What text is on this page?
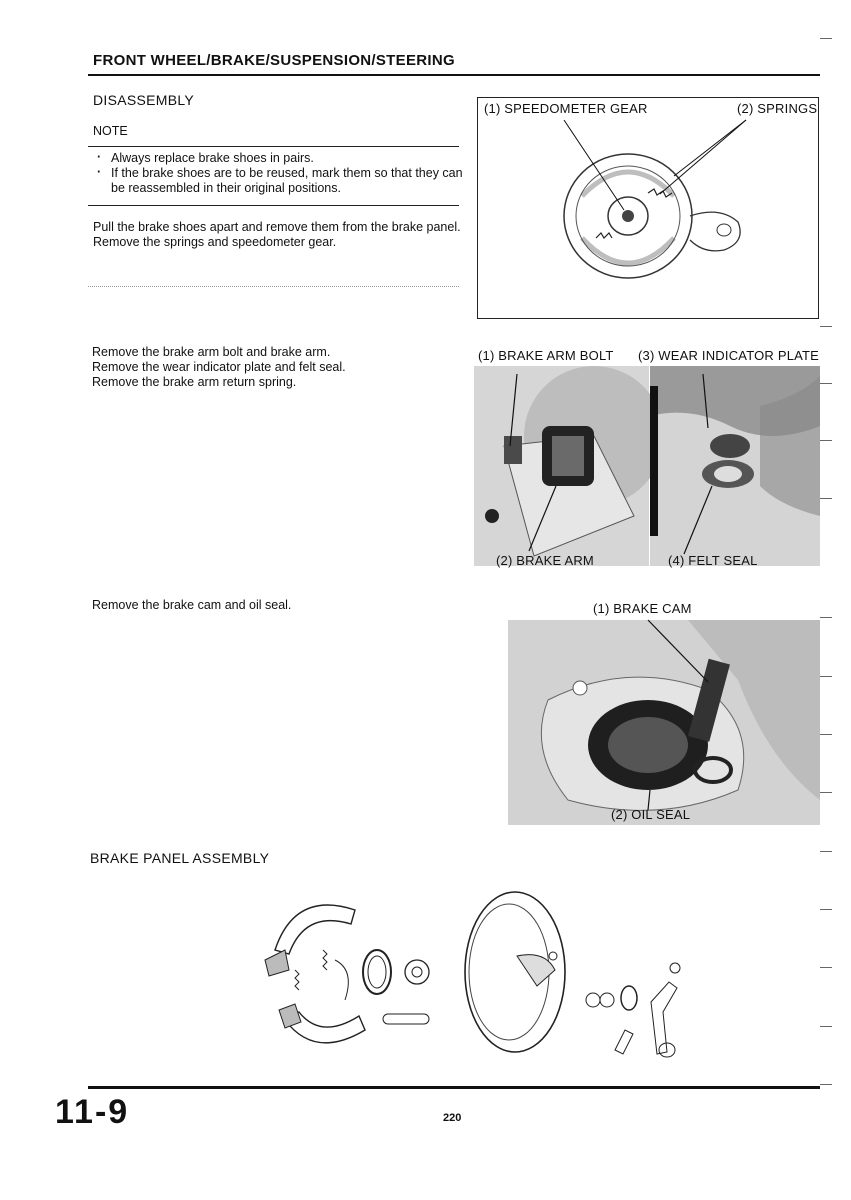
FRONT WHEEL/BRAKE/SUSPENSION/STEERING
DISASSEMBLY
NOTE
· Always replace brake shoes in pairs.
· If the brake shoes are to be reused, mark them so that they can be reassembled in their original positions.
Pull the brake shoes apart and remove them from the brake panel.
Remove the springs and speedometer gear.
(1) SPEEDOMETER GEAR	(2) SPRINGS
Remove the brake arm bolt and brake arm.
Remove the wear indicator plate and felt seal.
Remove the brake arm return spring.
(2) BRAKE ARM	(4) FELT SEAL
(1) BRAKE ARM BOLT (3) WEAR INDICATOR PLATE
Remove the brake cam and oil seal.	(1) BRAKE CAM
(2) OIL SEAL
BRAKE PANEL ASSEMBLY
11-9	220
